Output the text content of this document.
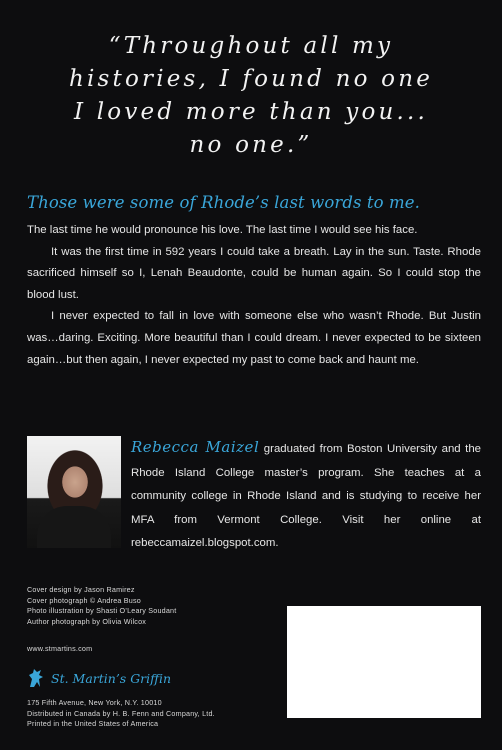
“Throughout all my
histories, I found no one
I loved more than you...
no one.”
Those were some of Rhode’s last words to me.

The last time he would pronounce his love. The last time I would see his face.

It was the first time in 592 years I could take a breath. Lay in the sun. Taste. Rhode sacrificed himself so I, Lenah Beaudonte, could be human again. So I could stop the blood lust.

I never expected to fall in love with someone else who wasn’t Rhode. But Justin was…daring. Exciting. More beautiful than I could dream. I never expected to be sixteen again…but then again, I never expected my past to come back and haunt me.

Rebecca Maizel graduated from Boston University and the Rhode Island College master’s program. She teaches at a community college in Rhode Island and is studying to receive her MFA from Vermont College. Visit her online at rebeccamaizel.blogspot.com.
Cover design by Jason Ramirez
Cover photograph © Andrea Buso
Photo illustration by Shasti O’Leary Soudant
Author photograph by Olivia Wilcox
www.stmartins.com
St. Martin’s Griffin
175 Fifth Avenue, New York, N.Y. 10010
Distributed in Canada by H. B. Fenn and Company, Ltd.
Printed in the United States of America
